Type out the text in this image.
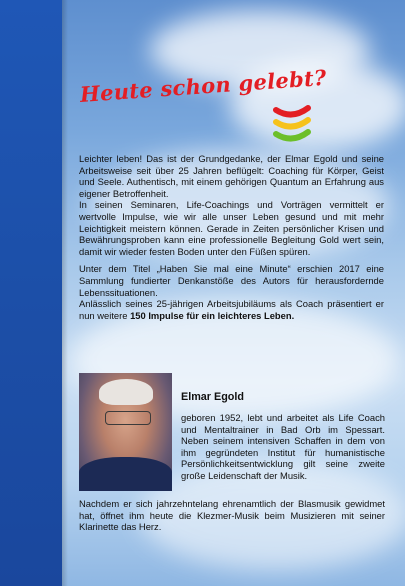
Heute schon gelebt?

Leichter leben! Das ist der Grundgedanke, der Elmar Egold und seine Arbeitsweise seit über 25 Jahren beflügelt: Coaching für Körper, Geist und Seele. Authentisch, mit einem gehörigen Quantum an Erfahrung aus eigener Betroffenheit.

In seinen Seminaren, Life-Coachings und Vorträgen vermittelt er wertvolle Impulse, wie wir alle unser Leben gesund und mit mehr Leichtigkeit meistern können. Gerade in Zeiten persönlicher Krisen und Bewährungsproben kann eine professionelle Begleitung Gold wert sein, damit wir wieder festen Boden unter den Füßen spüren.

Unter dem Titel „Haben Sie mal eine Minute“ erschien 2017 eine Sammlung fundierter Denkanstöße des Autors für herausfordernde Lebenssituationen.

Anlässlich seines 25-jährigen Arbeitsjubiläums als Coach präsentiert er nun weitere 150 Impulse für ein leichteres Leben.

Elmar Egold

geboren 1952, lebt und arbeitet als Life Coach und Mentaltrainer in Bad Orb im Spessart. Neben seinem intensiven Schaffen in dem von ihm gegründeten Institut für humanistische Persönlichkeitsentwicklung gilt seine zweite große Leidenschaft der Musik.

Nachdem er sich jahrzehntelang ehrenamtlich der Blasmusik gewidmet hat, öffnet ihm heute die Klezmer-Musik beim Musizieren mit seiner Klarinette das Herz.
